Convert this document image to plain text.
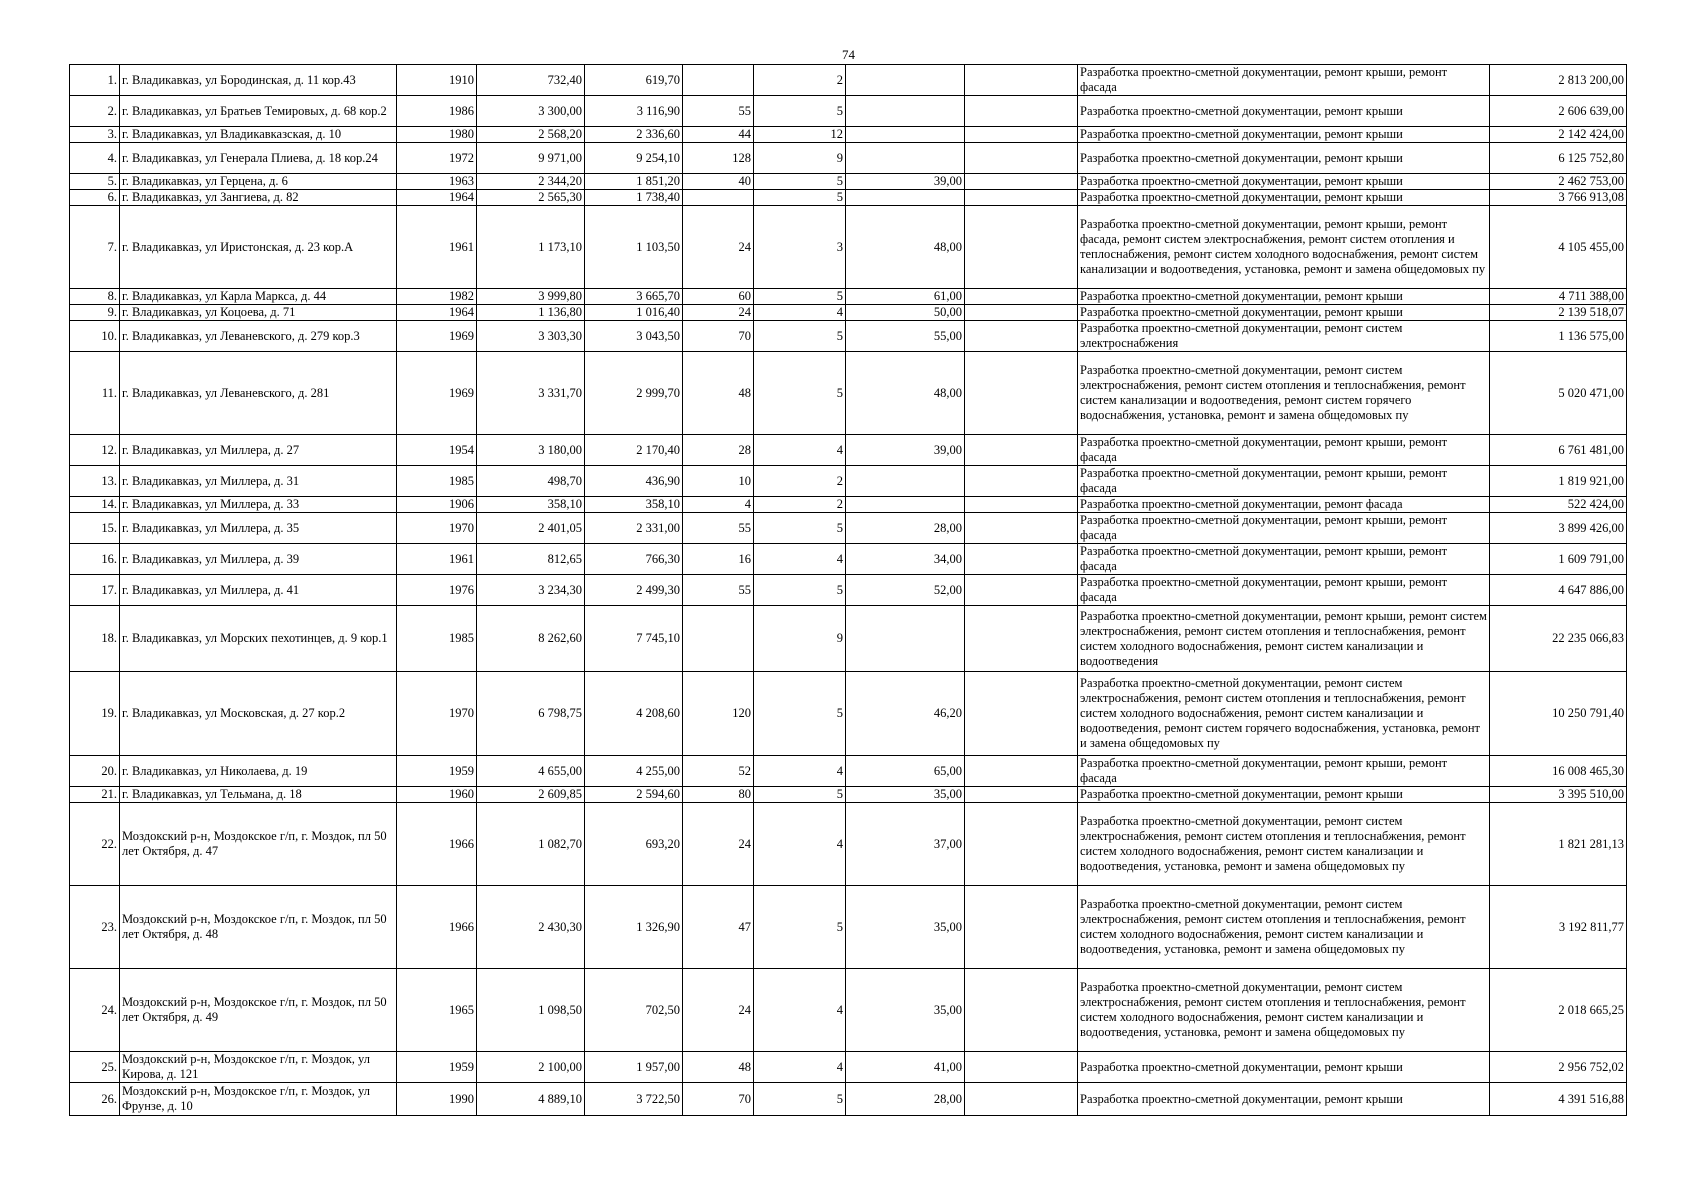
74
1.	г. Владикавказ, ул Бородинская, д. 11 кор.43	1910	732,40	619,70		2			Разработка проектно-сметной документации, ремонт крыши, ремонт фасада	2 813 200,00
2.	г. Владикавказ, ул Братьев Темировых, д. 68 кор.2	1986	3 300,00	3 116,90	55	5			Разработка проектно-сметной документации, ремонт крыши	2 606 639,00
3.	г. Владикавказ, ул Владикавказская, д. 10	1980	2 568,20	2 336,60	44	12			Разработка проектно-сметной документации, ремонт крыши	2 142 424,00
4.	г. Владикавказ, ул Генерала Плиева, д. 18 кор.24	1972	9 971,00	9 254,10	128	9			Разработка проектно-сметной документации, ремонт крыши	6 125 752,80
5.	г. Владикавказ, ул Герцена, д. 6	1963	2 344,20	1 851,20	40	5	39,00		Разработка проектно-сметной документации, ремонт крыши	2 462 753,00
6.	г. Владикавказ, ул Зангиева, д. 82	1964	2 565,30	1 738,40		5			Разработка проектно-сметной документации, ремонт крыши	3 766 913,08
7.	г. Владикавказ, ул Иристонская, д. 23 кор.А	1961	1 173,10	1 103,50	24	3	48,00		Разработка проектно-сметной документации, ремонт крыши, ремонт фасада, ремонт систем электроснабжения, ремонт систем отопления и теплоснабжения, ремонт систем холодного водоснабжения, ремонт систем канализации и водоотведения, установка, ремонт и замена общедомовых пу	4 105 455,00
8.	г. Владикавказ, ул Карла Маркса, д. 44	1982	3 999,80	3 665,70	60	5	61,00		Разработка проектно-сметной документации, ремонт крыши	4 711 388,00
9.	г. Владикавказ, ул Коцоева, д. 71	1964	1 136,80	1 016,40	24	4	50,00		Разработка проектно-сметной документации, ремонт крыши	2 139 518,07
10.	г. Владикавказ, ул Леваневского, д. 279 кор.3	1969	3 303,30	3 043,50	70	5	55,00		Разработка проектно-сметной документации, ремонт систем электроснабжения	1 136 575,00
11.	г. Владикавказ, ул Леваневского, д. 281	1969	3 331,70	2 999,70	48	5	48,00		Разработка проектно-сметной документации, ремонт систем электроснабжения, ремонт систем отопления и теплоснабжения, ремонт систем канализации и водоотведения, ремонт систем горячего водоснабжения, установка, ремонт и замена общедомовых пу	5 020 471,00
12.	г. Владикавказ, ул Миллера, д. 27	1954	3 180,00	2 170,40	28	4	39,00		Разработка проектно-сметной документации, ремонт крыши, ремонт фасада	6 761 481,00
13.	г. Владикавказ, ул Миллера, д. 31	1985	498,70	436,90	10	2			Разработка проектно-сметной документации, ремонт крыши, ремонт фасада	1 819 921,00
14.	г. Владикавказ, ул Миллера, д. 33	1906	358,10	358,10	4	2			Разработка проектно-сметной документации, ремонт фасада	522 424,00
15.	г. Владикавказ, ул Миллера, д. 35	1970	2 401,05	2 331,00	55	5	28,00		Разработка проектно-сметной документации, ремонт крыши, ремонт фасада	3 899 426,00
16.	г. Владикавказ, ул Миллера, д. 39	1961	812,65	766,30	16	4	34,00		Разработка проектно-сметной документации, ремонт крыши, ремонт фасада	1 609 791,00
17.	г. Владикавказ, ул Миллера, д. 41	1976	3 234,30	2 499,30	55	5	52,00		Разработка проектно-сметной документации, ремонт крыши, ремонт фасада	4 647 886,00
18.	г. Владикавказ, ул Морских пехотинцев, д. 9 кор.1	1985	8 262,60	7 745,10		9			Разработка проектно-сметной документации, ремонт крыши, ремонт систем электроснабжения, ремонт систем отопления и теплоснабжения, ремонт систем холодного водоснабжения, ремонт систем канализации и водоотведения	22 235 066,83
19.	г. Владикавказ, ул Московская, д. 27 кор.2	1970	6 798,75	4 208,60	120	5	46,20		Разработка проектно-сметной документации, ремонт систем электроснабжения, ремонт систем отопления и теплоснабжения, ремонт систем холодного водоснабжения, ремонт систем канализации и водоотведения, ремонт систем горячего водоснабжения, установка, ремонт и замена общедомовых пу	10 250 791,40
20.	г. Владикавказ, ул Николаева, д. 19	1959	4 655,00	4 255,00	52	4	65,00		Разработка проектно-сметной документации, ремонт крыши, ремонт фасада	16 008 465,30
21.	г. Владикавказ, ул Тельмана, д. 18	1960	2 609,85	2 594,60	80	5	35,00		Разработка проектно-сметной документации, ремонт крыши	3 395 510,00
22.	Моздокский р-н, Моздокское г/п, г. Моздок, пл 50 лет Октября, д. 47	1966	1 082,70	693,20	24	4	37,00		Разработка проектно-сметной документации, ремонт систем электроснабжения, ремонт систем отопления и теплоснабжения, ремонт систем холодного водоснабжения, ремонт систем канализации и водоотведения, установка, ремонт и замена общедомовых пу	1 821 281,13
23.	Моздокский р-н, Моздокское г/п, г. Моздок, пл 50 лет Октября, д. 48	1966	2 430,30	1 326,90	47	5	35,00		Разработка проектно-сметной документации, ремонт систем электроснабжения, ремонт систем отопления и теплоснабжения, ремонт систем холодного водоснабжения, ремонт систем канализации и водоотведения, установка, ремонт и замена общедомовых пу	3 192 811,77
24.	Моздокский р-н, Моздокское г/п, г. Моздок, пл 50 лет Октября, д. 49	1965	1 098,50	702,50	24	4	35,00		Разработка проектно-сметной документации, ремонт систем электроснабжения, ремонт систем отопления и теплоснабжения, ремонт систем холодного водоснабжения, ремонт систем канализации и водоотведения, установка, ремонт и замена общедомовых пу	2 018 665,25
25.	Моздокский р-н, Моздокское г/п, г. Моздок, ул Кирова, д. 121	1959	2 100,00	1 957,00	48	4	41,00		Разработка проектно-сметной документации, ремонт крыши	2 956 752,02
26.	Моздокский р-н, Моздокское г/п, г. Моздок, ул Фрунзе, д. 10	1990	4 889,10	3 722,50	70	5	28,00		Разработка проектно-сметной документации, ремонт крыши	4 391 516,88
